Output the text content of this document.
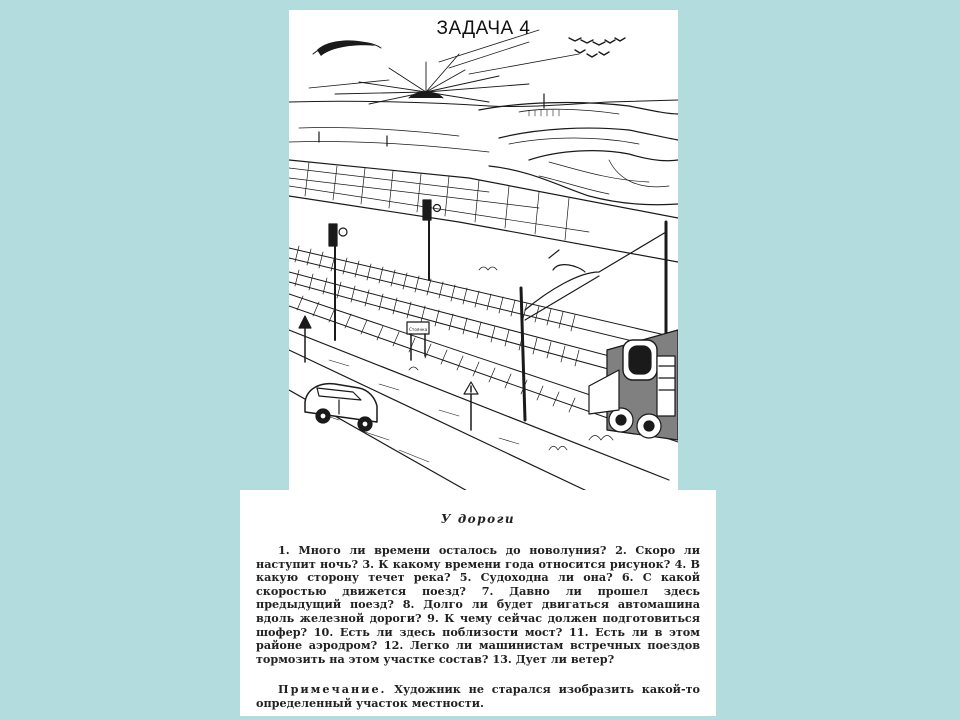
Стоянка
ЗАДАЧА 4
У дороги
1. Много ли времени осталось до новолуния? 2. Скоро ли наступит ночь? 3. К какому времени года относится рисунок? 4. В какую сторону течет река? 5. Судоходна ли она? 6. С какой скоростью движется поезд? 7. Давно ли прошел здесь предыдущий поезд? 8. Долго ли будет двигаться автомашина вдоль железной дороги? 9. К чему сейчас должен подготовиться шофер? 10. Есть ли здесь поблизости мост? 11. Есть ли в этом районе аэродром? 12. Легко ли машинистам встречных поездов тормозить на этом участке состав? 13. Дует ли ветер?
Примечание. Художник не старался изобразить какой-то определенный участок местности.
